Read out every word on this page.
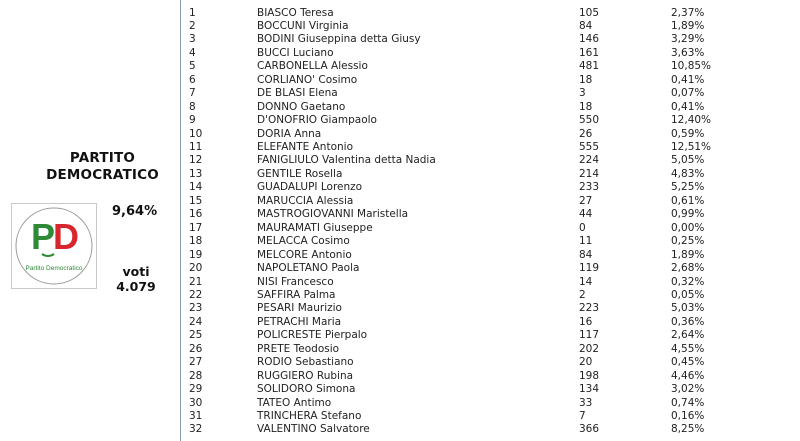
PARTITO
DEMOCRATICO
PD
Partito Democratico
9,64%
voti
4.079
1	BIASCO Teresa	105	2,37%
2	BOCCUNI Virginia	84	1,89%
3	BODINI Giuseppina detta Giusy	146	3,29%
4	BUCCI Luciano	161	3,63%
5	CARBONELLA Alessio	481	10,85%
6	CORLIANO' Cosimo	18	0,41%
7	DE BLASI Elena	3	0,07%
8	DONNO Gaetano	18	0,41%
9	D'ONOFRIO Giampaolo	550	12,40%
10	DORIA Anna	26	0,59%
11	ELEFANTE Antonio	555	12,51%
12	FANIGLIULO Valentina detta Nadia	224	5,05%
13	GENTILE Rosella	214	4,83%
14	GUADALUPI Lorenzo	233	5,25%
15	MARUCCIA Alessia	27	0,61%
16	MASTROGIOVANNI Maristella	44	0,99%
17	MAURAMATI Giuseppe	0	0,00%
18	MELACCA Cosimo	11	0,25%
19	MELCORE Antonio	84	1,89%
20	NAPOLETANO Paola	119	2,68%
21	NISI Francesco	14	0,32%
22	SAFFIRA Palma	2	0,05%
23	PESARI Maurizio	223	5,03%
24	PETRACHI Maria	16	0,36%
25	POLICRESTE Pierpalo	117	2,64%
26	PRETE Teodosio	202	4,55%
27	RODIO Sebastiano	20	0,45%
28	RUGGIERO Rubina	198	4,46%
29	SOLIDORO Simona	134	3,02%
30	TATEO Antimo	33	0,74%
31	TRINCHERA Stefano	7	0,16%
32	VALENTINO Salvatore	366	8,25%
